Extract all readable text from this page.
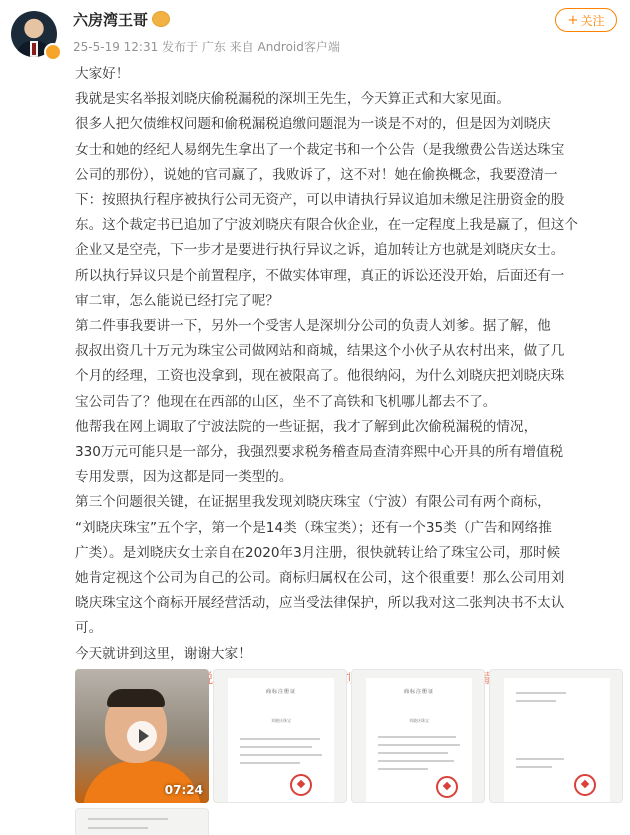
六房湾王哥
25-5-19 12:31 发布于 广东 来自 Android客户端
+ 关注

大家好！

我就是实名举报刘晓庆偷税漏税的深圳王先生，今天算正式和大家见面。

很多人把欠债维权问题和偷税漏税追缴问题混为一谈是不对的，但是因为刘晓庆

女士和她的经纪人易纲先生拿出了一个裁定书和一个公告（是我缴费公告送达珠宝

公司的那份），说她的官司赢了，我败诉了，这不对！她在偷换概念，我要澄清一

下：按照执行程序被执行公司无资产，可以申请执行异议追加未缴足注册资金的股

东。这个裁定书已追加了宁波刘晓庆有限合伙企业，在一定程度上我是赢了，但这个

企业又是空壳，下一步才是要进行执行异议之诉，追加转让方也就是刘晓庆女士。

所以执行异议只是个前置程序，不做实体审理，真正的诉讼还没开始，后面还有一

审二审，怎么能说已经打完了呢？

第二件事我要讲一下，另外一个受害人是深圳分公司的负责人刘爹。据了解，他

叔叔出资几十万元为珠宝公司做网站和商城，结果这个小伙子从农村出来，做了几

个月的经理，工资也没拿到，现在被限高了。他很纳闷，为什么刘晓庆把刘晓庆珠

宝公司告了？他现在在西部的山区，坐不了高铁和飞机哪儿都去不了。

他帮我在网上调取了宁波法院的一些证据，我才了解到此次偷税漏税的情况，

330万元可能只是一部分，我强烈要求税务稽查局查清弈熙中心开具的所有增值税

专用发票，因为这都是同一类型的。

第三个问题很关键，在证据里我发现刘晓庆珠宝（宁波）有限公司有两个商标，

“刘晓庆珠宝”五个字，第一个是14类（珠宝类）；还有一个35类（广告和网络推

广类）。是刘晓庆女士亲自在2020年3月注册，很快就转让给了珠宝公司，那时候

她肯定视这个公司为自己的公司。商标归属权在公司，这个很重要！那么公司用刘

晓庆珠宝这个商标开展经营活动，应当受法律保护，所以我对这二张判决书不太认

可。

今天就讲到这里，谢谢大家！

07:24
商标注册证
刘晓庆珠宝
商标注册证
刘晓庆珠宝
